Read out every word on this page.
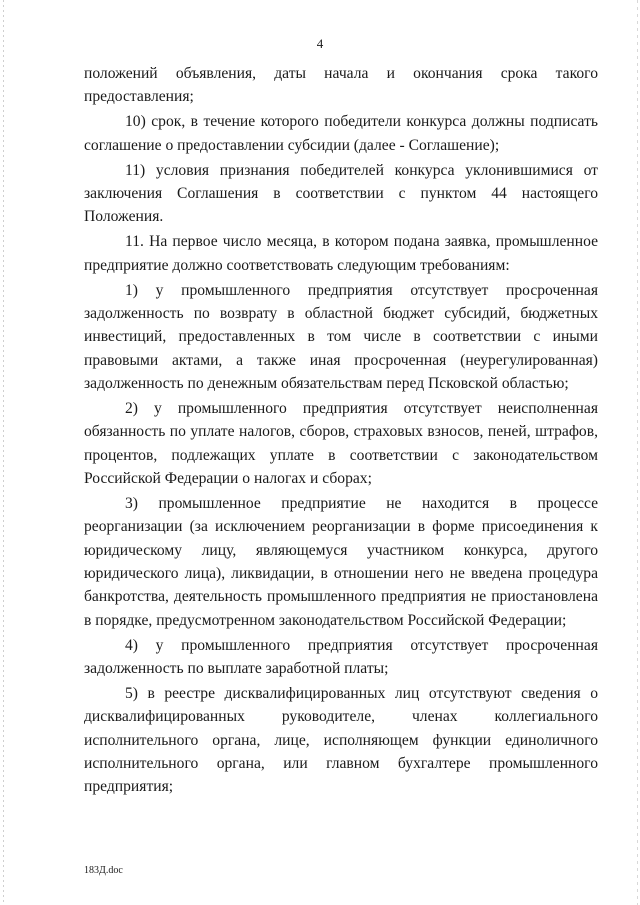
4

положений объявления, даты начала и окончания срока такого предоставления;

10) срок, в течение которого победители конкурса должны подписать соглашение о предоставлении субсидии (далее - Соглашение);

11) условия признания победителей конкурса уклонившимися от заключения Соглашения в соответствии с пунктом 44 настоящего Положения.

11. На первое число месяца, в котором подана заявка, промышленное предприятие должно соответствовать следующим требованиям:

1) у промышленного предприятия отсутствует просроченная задолженность по возврату в областной бюджет субсидий, бюджетных инвестиций, предоставленных в том числе в соответствии с иными правовыми актами, а также иная просроченная (неурегулированная) задолженность по денежным обязательствам перед Псковской областью;

2) у промышленного предприятия отсутствует неисполненная обязанность по уплате налогов, сборов, страховых взносов, пеней, штрафов, процентов, подлежащих уплате в соответствии с законодательством Российской Федерации о налогах и сборах;

3) промышленное предприятие не находится в процессе реорганизации (за исключением реорганизации в форме присоединения к юридическому лицу, являющемуся участником конкурса, другого юридического лица), ликвидации, в отношении него не введена процедура банкротства, деятельность промышленного предприятия не приостановлена в порядке, предусмотренном законодательством Российской Федерации;

4) у промышленного предприятия отсутствует просроченная задолженность по выплате заработной платы;

5) в реестре дисквалифицированных лиц отсутствуют сведения о дисквалифицированных руководителе, членах коллегиального исполнительного органа, лице, исполняющем функции единоличного исполнительного органа, или главном бухгалтере промышленного предприятия;

183Д.doc
